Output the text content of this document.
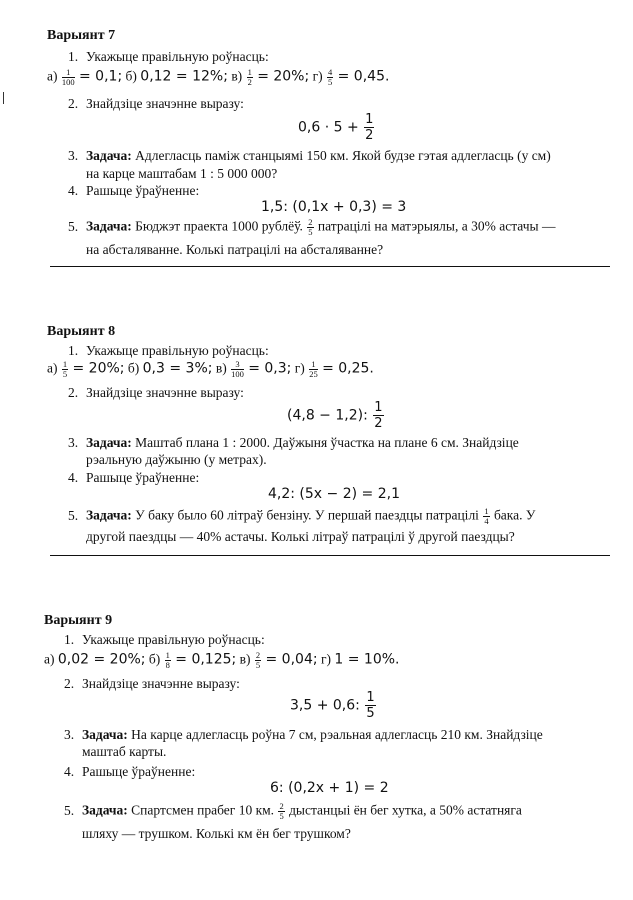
Варыянт 7
1. Укажыце правільную роўнасць:
$а) \frac{1}{100} = 0,1$; б) 0,12 = 12%; $в) \frac{1}{2} = 20\%$; $г) \frac{4}{5} = 0,45$.
2. Знайдзіце значэнне выразу:
$0,6 \cdot 5 + \frac{1}{2}$
3. Задача: Адлегласць паміж станцыямі 150 км. Якой будзе гэтая адлегласць (у см)
на карце маштабам 1 : 5 000 000?
4. Рашыце ўраўненне:
1,5: (0,1x + 0,3) = 3
5. Задача: Бюджэт праекта 1000 рублёў. $\frac{2}{5}$ патрацілі на матэрыялы, а 30% астачы —
на абсталяванне. Колькі патрацілі на абсталяванне?
Варыянт 8
1. Укажыце правільную роўнасць:
$а) \frac{1}{5} = 20\%$; б) 0,3 = 3%; $в) \frac{3}{100} = 0,3$; $г) \frac{1}{25} = 0,25$.
2. Знайдзіце значэнне выразу:
(4,8 − 1,2): $\frac{1}{2}$
3. Задача: Маштаб плана 1 : 2000. Даўжыня ўчастка на плане 6 см. Знайдзіце
рэальную даўжыню (у метрах).
4. Рашыце ўраўненне:
4,2: (5x − 2) = 2,1
5. Задача: У баку было 60 літраў бензіну. У першай паездцы патрацілі $\frac{1}{4}$ бака. У
другой паездцы — 40% астачы. Колькі літраў патрацілі ў другой паездцы?
Варыянт 9
1. Укажыце правільную роўнасць:
а) 0,02 = 20%; $б) \frac{1}{8} = 0,125$; $в) \frac{2}{5} = 0,04$; г) 1 = 10%.
2. Знайдзіце значэнне выразу:
3,5 + 0,6: $\frac{1}{5}$
3. Задача: На карце адлегласць роўна 7 см, рэальная адлегласць 210 км. Знайдзіце
маштаб карты.
4. Рашыце ўраўненне:
6: (0,2x + 1) = 2
5. Задача: Спартсмен прабег 10 км. $\frac{2}{5}$ дыстанцыі ён бег хутка, а 50% астатняга
шляху — трушком. Колькі км ён бег трушком?
